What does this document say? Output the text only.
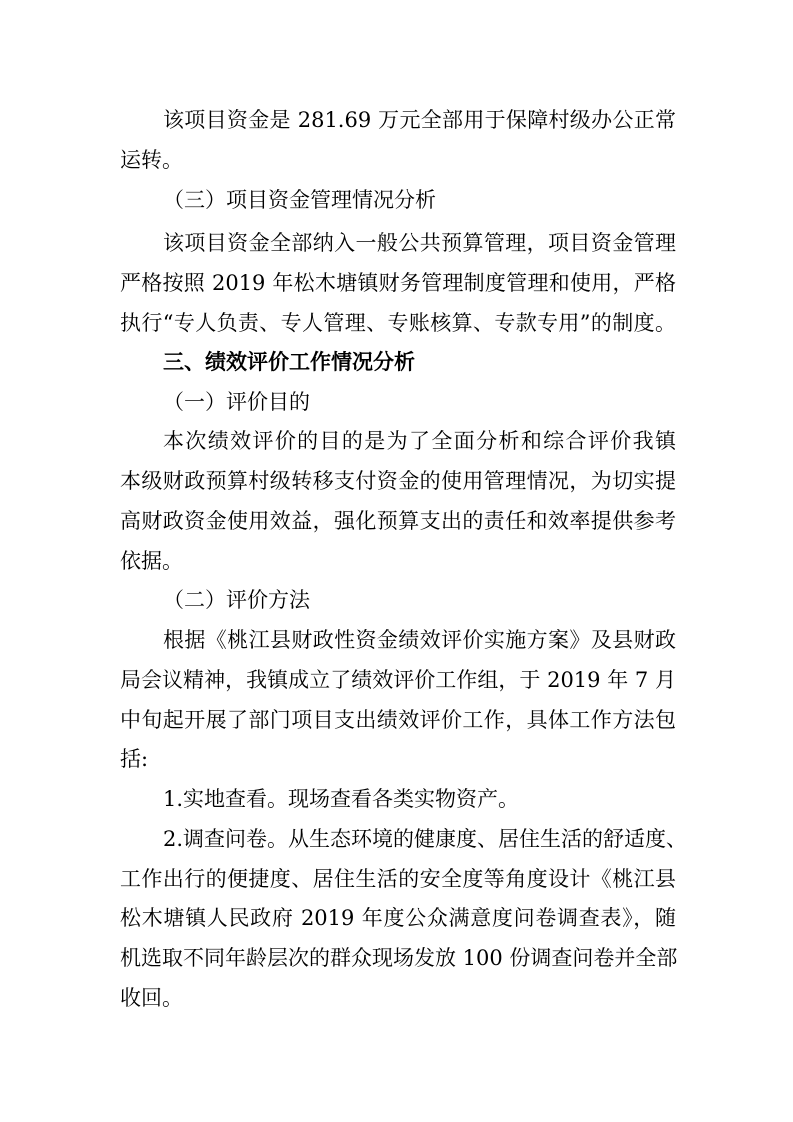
该项目资金是 281.69 万元全部用于保障村级办公正常
运转。
（三）项目资金管理情况分析
该项目资金全部纳入一般公共预算管理，项目资金管理
严格按照 2019 年松木塘镇财务管理制度管理和使用，严格
执行“专人负责、专人管理、专账核算、专款专用”的制度。
三、绩效评价工作情况分析
（一）评价目的
本次绩效评价的目的是为了全面分析和综合评价我镇
本级财政预算村级转移支付资金的使用管理情况，为切实提
高财政资金使用效益，强化预算支出的责任和效率提供参考
依据。
（二）评价方法
根据《桃江县财政性资金绩效评价实施方案》及县财政
局会议精神，我镇成立了绩效评价工作组，于 2019 年 7 月
中旬起开展了部门项目支出绩效评价工作，具体工作方法包
括:
1.实地查看。现场查看各类实物资产。
2.调查问卷。从生态环境的健康度、居住生活的舒适度、
工作出行的便捷度、居住生活的安全度等角度设计《桃江县
松木塘镇人民政府 2019 年度公众满意度问卷调查表》，随
机选取不同年龄层次的群众现场发放 100 份调查问卷并全部
收回。
